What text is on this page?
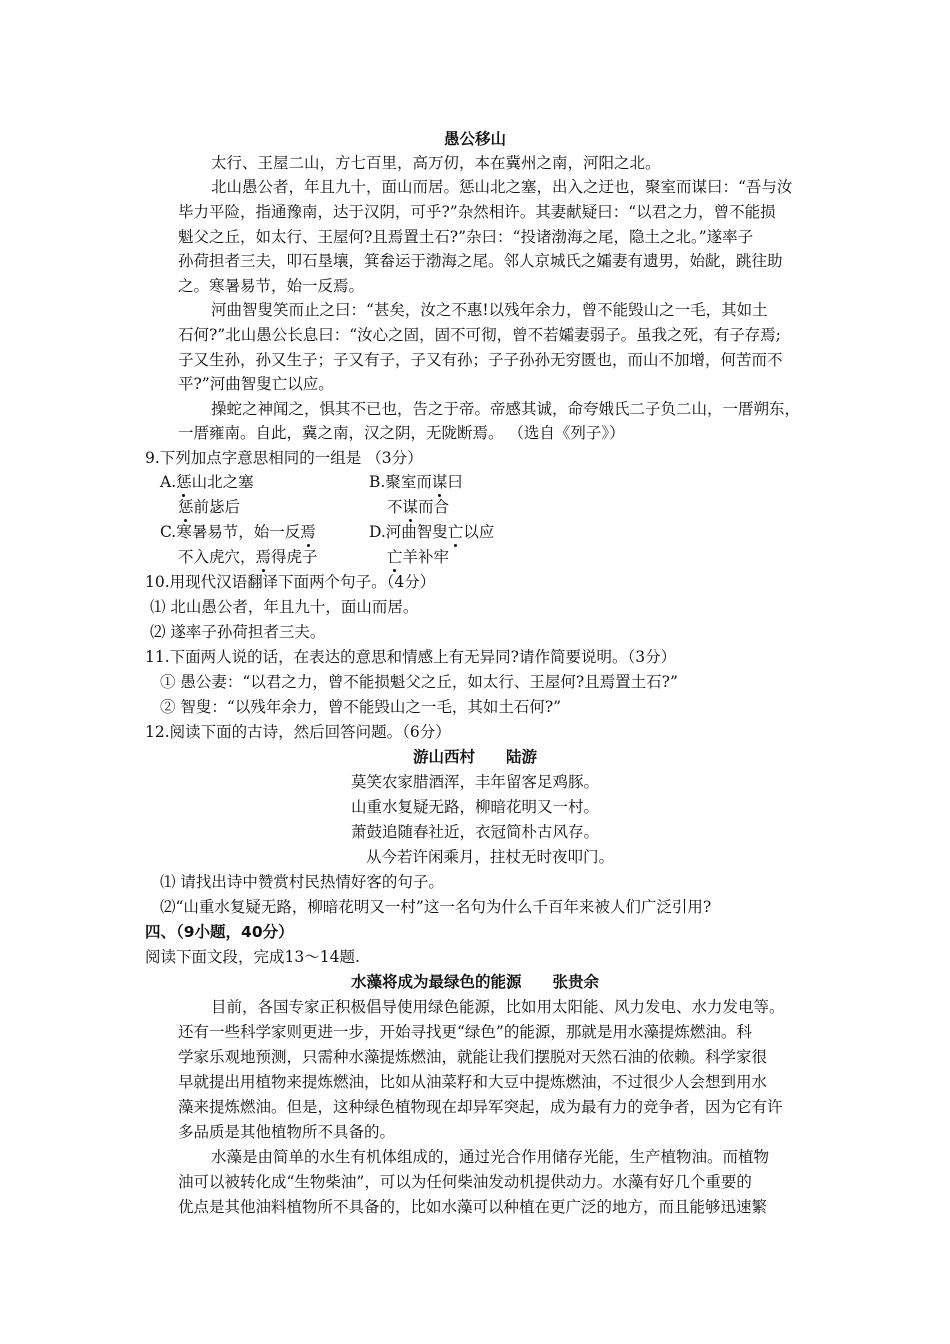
愚公移山
太行、王屋二山，方七百里，高万仞，本在冀州之南，河阳之北。
北山愚公者，年且九十，面山而居。惩山北之塞，出入之迂也，聚室而谋曰：“吾与汝
毕力平险，指通豫南，达于汉阴，可乎?”杂然相许。其妻献疑曰：“以君之力，曾不能损
魁父之丘，如太行、王屋何?且焉置土石?”杂曰：“投诸渤海之尾，隐土之北。”遂率子
孙荷担者三夫，叩石垦壤，箕畚运于渤海之尾。邻人京城氏之孀妻有遗男，始龀，跳往助
之。寒暑易节，始一反焉。
河曲智叟笑而止之曰：“甚矣，汝之不惠!以残年余力，曾不能毁山之一毛，其如土
石何?”北山愚公长息曰：“汝心之固，固不可彻，曾不若孀妻弱子。虽我之死，有子存焉;
子又生孙，孙又生子；子又有子，子又有孙；子子孙孙无穷匮也，而山不加增，何苦而不
平?”河曲智叟亡以应。
操蛇之神闻之，惧其不已也，告之于帝。帝感其诚，命夸娥氏二子负二山，一厝朔东，
一厝雍南。自此，冀之南，汉之阴，无陇断焉。 （选自《列子》）
9.下列加点字意思相同的一组是 （3分）
A.惩山北之塞	B.聚室而谋曰
惩前毖后	不谋而合
C.寒暑易节，始一反焉	D.河曲智叟亡以应
不入虎穴，焉得虎子	亡羊补牢
10.用现代汉语翻译下面两个句子。（4分）
⑴ 北山愚公者，年且九十，面山而居。
⑵ 遂率子孙荷担者三夫。
11.下面两人说的话，在表达的意思和情感上有无异同?请作简要说明。（3分）
① 愚公妻：“以君之力，曾不能损魁父之丘，如太行、王屋何?且焉置土石?”
② 智叟：“以残年余力，曾不能毁山之一毛，其如土石何?”
12.阅读下面的古诗，然后回答问题。（6分）
游山西村　　陆游
莫笑农家腊酒浑，丰年留客足鸡豚。
山重水复疑无路，柳暗花明又一村。
萧鼓追随春社近，衣冠简朴古风存。
从今若许闲乘月，拄杖无时夜叩门。
⑴ 请找出诗中赞赏村民热情好客的句子。
⑵“山重水复疑无路，柳暗花明又一村”这一名句为什么千百年来被人们广泛引用?
四、（9小题，40分）
阅读下面文段，完成13～14题.
水藻将成为最绿色的能源　　张贵余
目前，各国专家正积极倡导使用绿色能源，比如用太阳能、风力发电、水力发电等。
还有一些科学家则更进一步，开始寻找更“绿色”的能源，那就是用水藻提炼燃油。科
学家乐观地预测，只需种水藻提炼燃油，就能让我们摆脱对天然石油的依赖。科学家很
早就提出用植物来提炼燃油，比如从油菜籽和大豆中提炼燃油，不过很少人会想到用水
藻来提炼燃油。但是，这种绿色植物现在却异军突起，成为最有力的竞争者，因为它有许
多品质是其他植物所不具备的。
水藻是由简单的水生有机体组成的，通过光合作用储存光能，生产植物油。而植物
油可以被转化成“生物柴油”，可以为任何柴油发动机提供动力。水藻有好几个重要的
优点是其他油料植物所不具备的，比如水藻可以种植在更广泛的地方，而且能够迅速繁
